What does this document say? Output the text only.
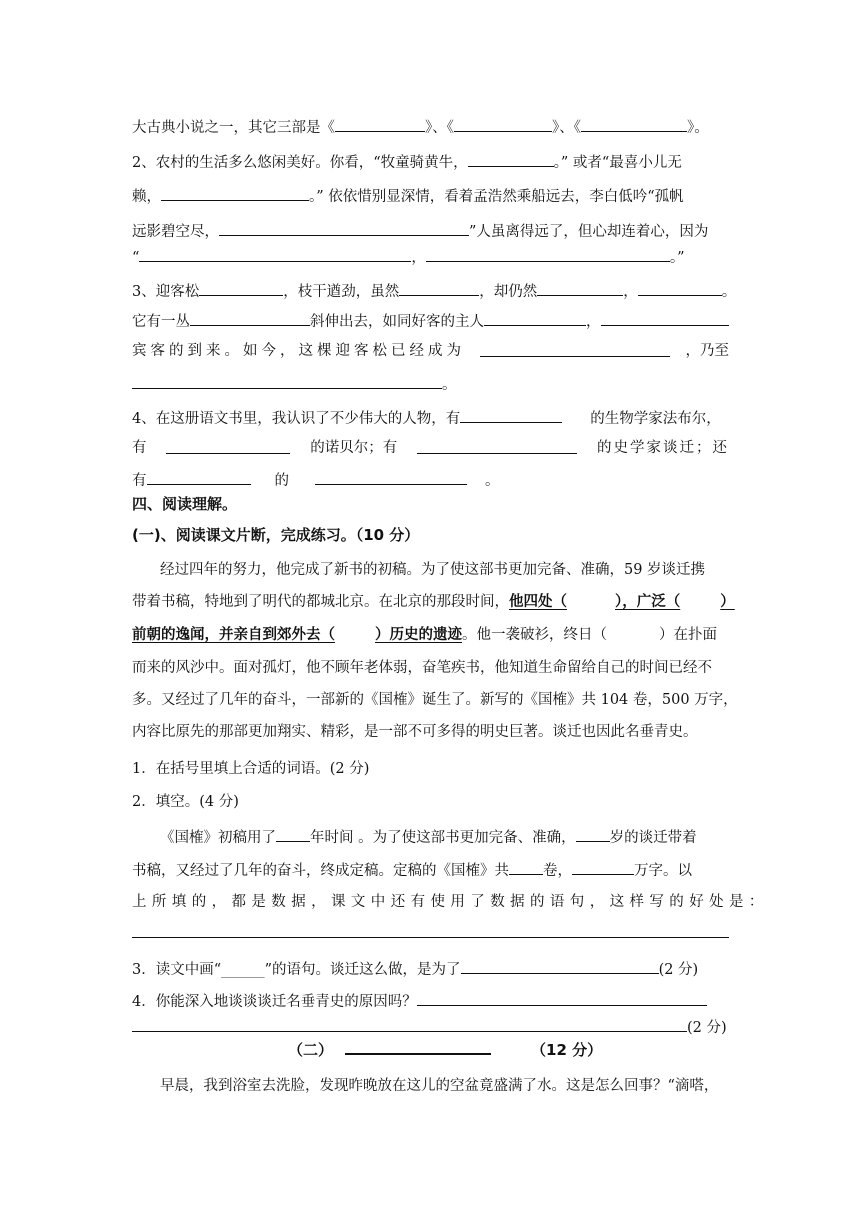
大古典小说之一，其它三部是《	》、《	》、《	》。
2、农村的生活多么悠闲美好。你看，“牧童骑黄牛，	。” 或者“最喜小儿无
赖，	。” 依依惜别显深情，看着孟浩然乘船远去，李白低吟“孤帆
远影碧空尽，	”人虽离得远了，但心却连着心，因为
“	，	。”
3、迎客松	，枝干遒劲，虽然	，却仍然	，	。
它有一丛	斜伸出去，如同好客的主人	，
宾客的到来。如今，这棵迎客松已经成为	，乃至
。
4、在这册语文书里，我认识了不少伟大的人物，有	的生物学家法布尔，
有	的诺贝尔；有	的史学家谈迁；还
有	的	。
四、阅读理解。
(一)、阅读课文片断，完成练习。（10 分）
经过四年的努力，他完成了新书的初稿。为了使这部书更加完备、准确，59 岁谈迁携
带着书稿，特地到了明代的都城北京。在北京的那段时间，他四处（	），广泛（	）
前朝的逸闻，并亲自到郊外去（	）历史的遗迹。他一袭破衫，终日（	）在扑面
而来的风沙中。面对孤灯，他不顾年老体弱，奋笔疾书，他知道生命留给自己的时间已经不
多。又经过了几年的奋斗，一部新的《国榷》诞生了。新写的《国榷》共 104 卷，500 万字，
内容比原先的那部更加翔实、精彩，是一部不可多得的明史巨著。谈迁也因此名垂青史。
1．在括号里填上合适的词语。(2 分)
2．填空。(4 分)
《国榷》初稿用了 年时间 。为了使这部书更加完备、准确， 岁的谈迁带着
书稿，又经过了几年的奋斗，终成定稿。定稿的《国榷》共 卷，	万字。以
上所填的，都是数据，课文中还有使用了数据的语句，这样写的好处是：
3．读文中画“______”的语句。谈迁这么做，是为了	(2 分)
4．你能深入地谈谈谈迁名垂青史的原因吗？
(2 分)
（二）	（12 分）
早晨，我到浴室去洗脸，发现昨晚放在这儿的空盆竟盛满了水。这是怎么回事？“滴嗒，
